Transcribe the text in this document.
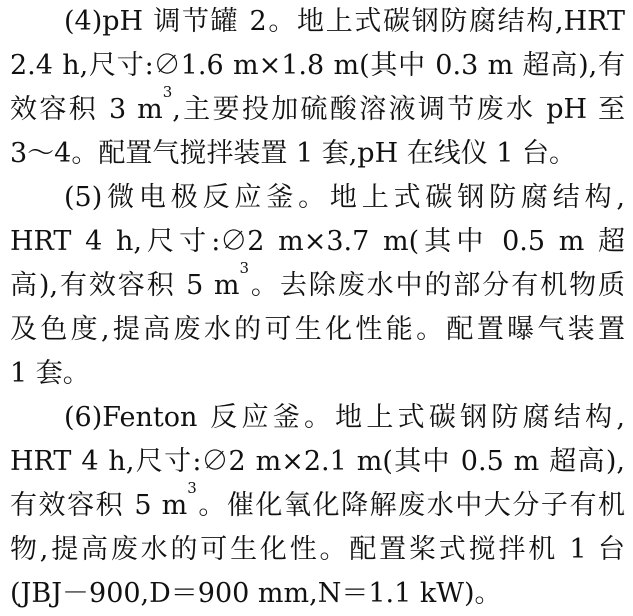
(4)pH 调节罐 2。地上式碳钢防腐结构,HRT
2.4 h,尺寸:∅1.6 m×1.8 m(其中 0.3 m 超高),有
效容积 3 $m^3$,主要投加硫酸溶液调节废水 pH 至
3～4。配置气搅拌装置 1 套,pH 在线仪 1 台。
(5)微电极反应釜。地上式碳钢防腐结构,
HRT 4 h,尺寸:∅2 m×3.7 m(其中 0.5 m 超
高),有效容积 5 $m^3$。去除废水中的部分有机物质
及色度,提高废水的可生化性能。配置曝气装置
1 套。
(6)Fenton 反应釜。地上式碳钢防腐结构,
HRT 4 h,尺寸:∅2 m×2.1 m(其中 0.5 m 超高),
有效容积 5 $m^3$。催化氧化降解废水中大分子有机
物,提高废水的可生化性。配置桨式搅拌机 1 台
(JBJ－900,D＝900 mm,N＝1.1 kW)。
